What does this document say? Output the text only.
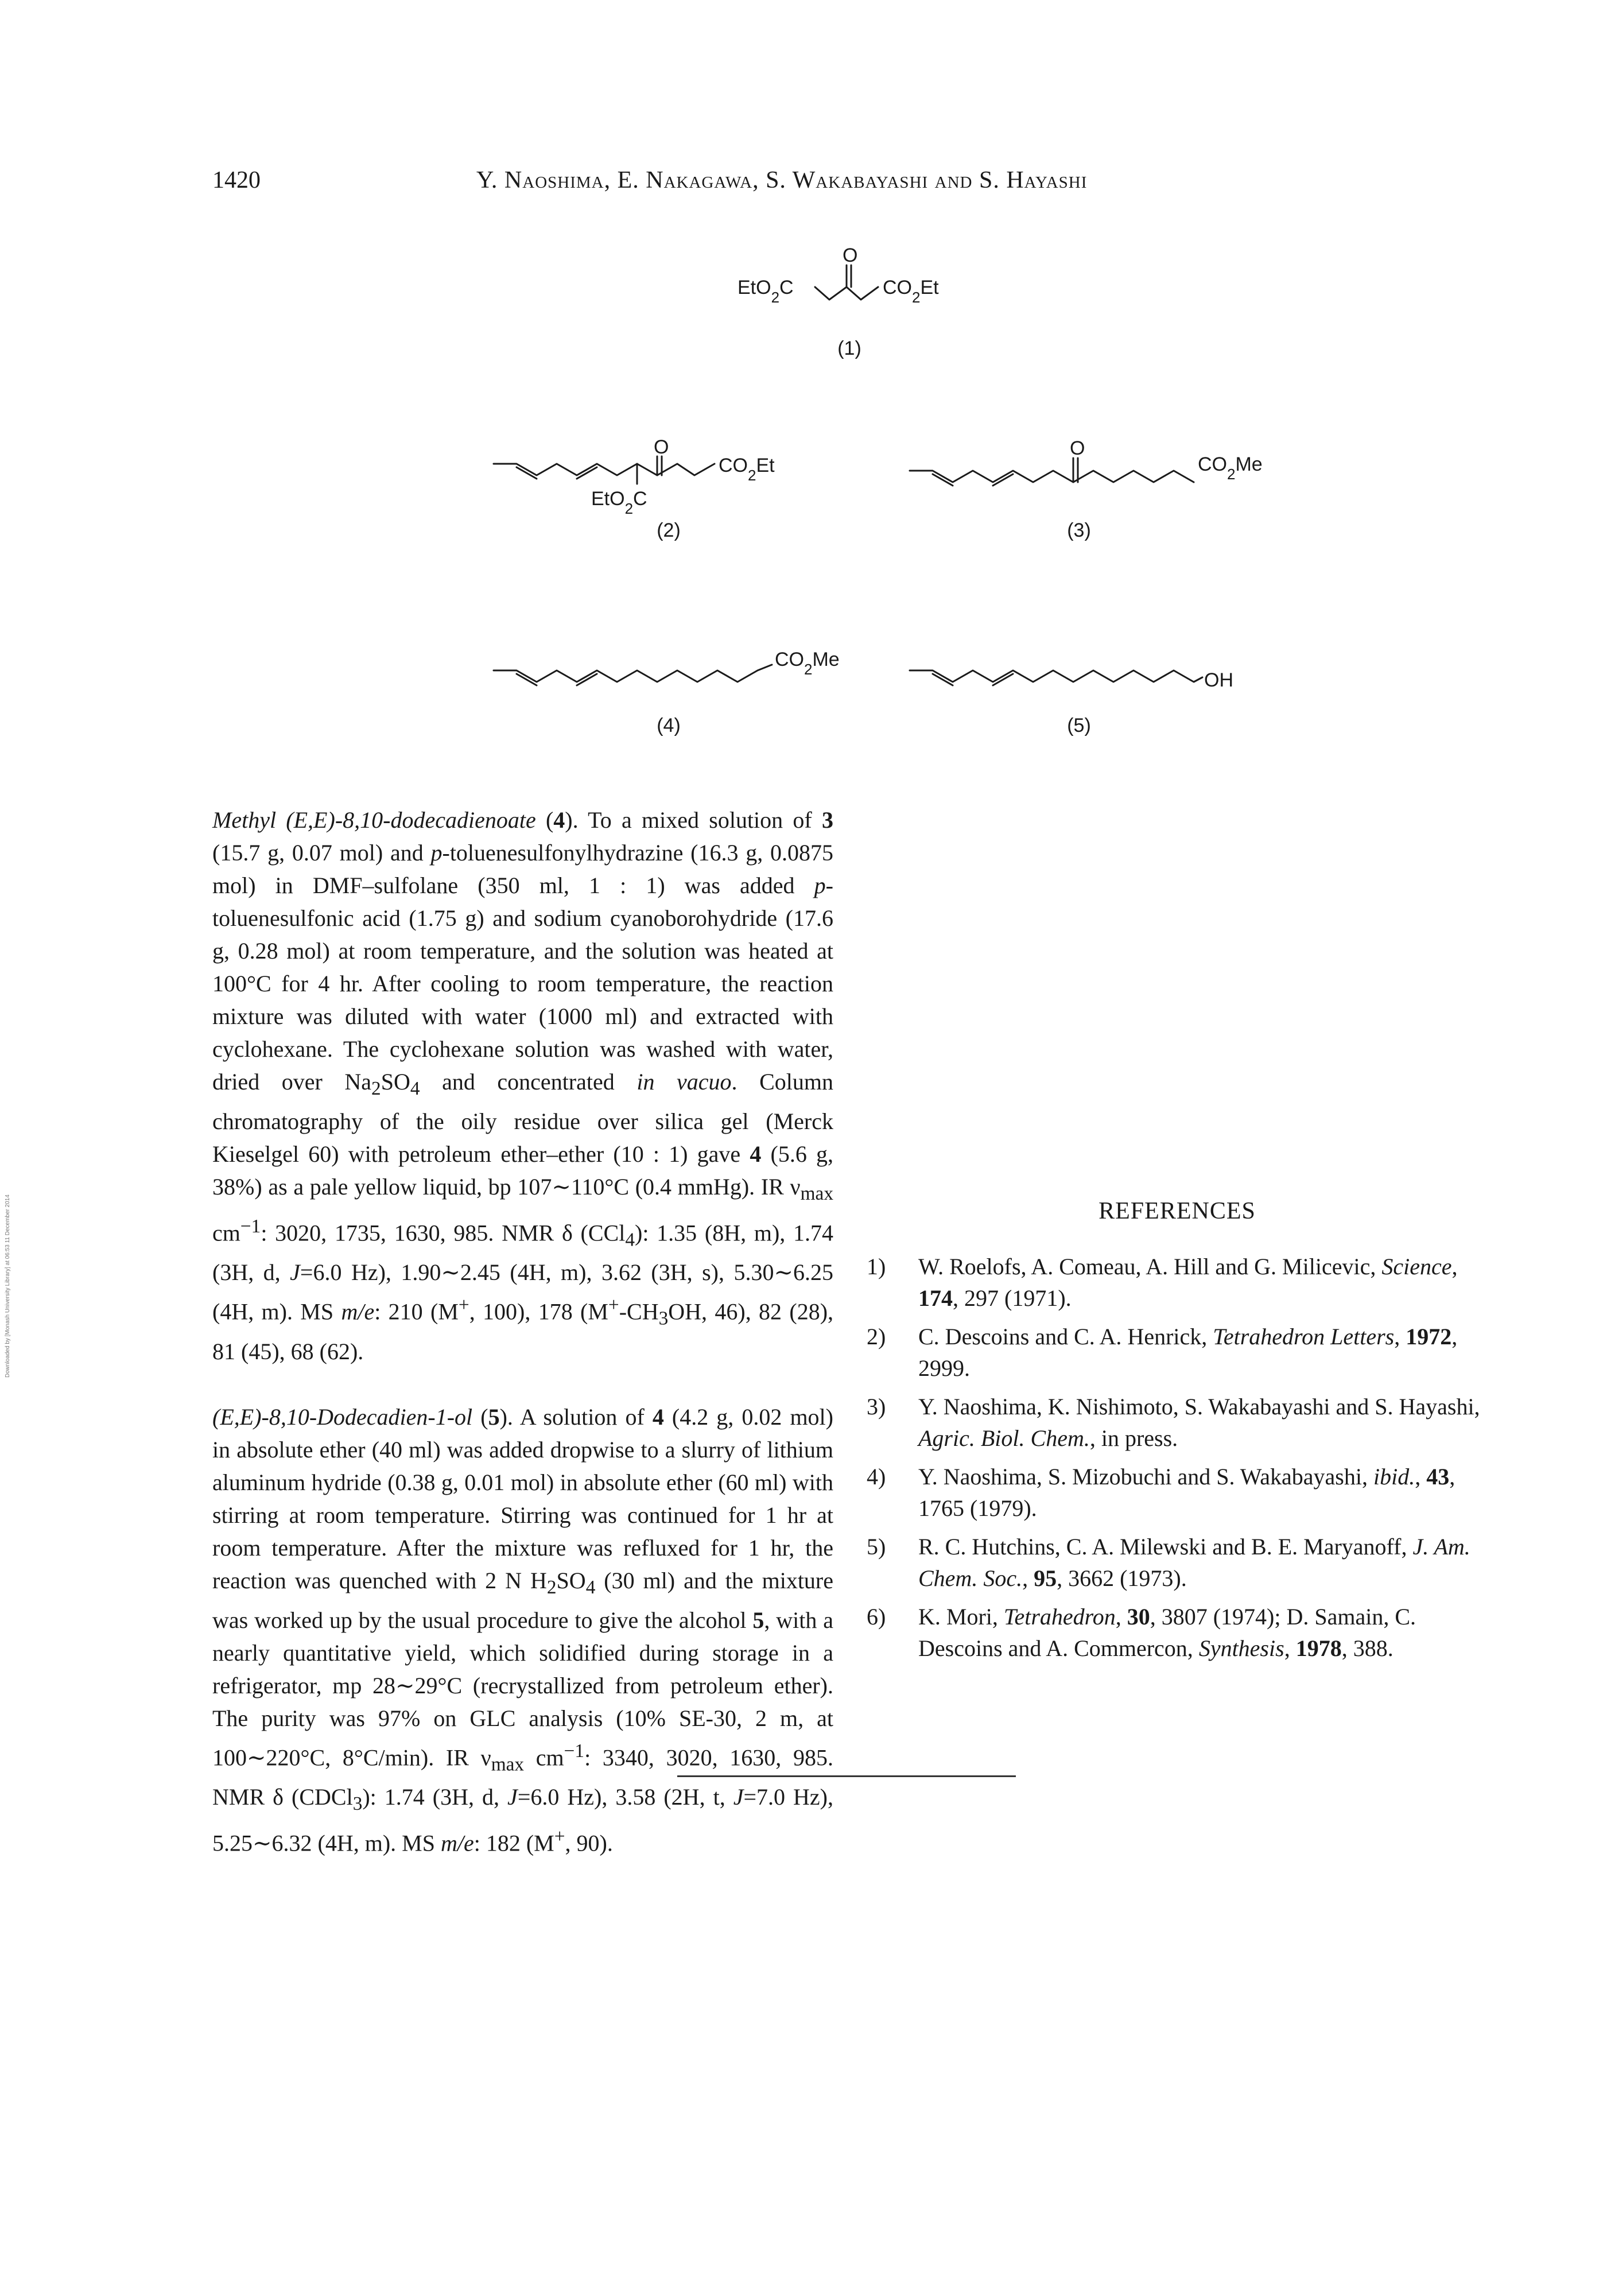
1420	Y. Naoshima, E. Nakagawa, S. Wakabayashi and S. Hayashi
Downloaded by [Monash University Library] at 06:53 11 December 2014
EtO$_2$C
O
$CO_2Et$
(1)
O
$CO_2Et$
EtO$_2$C
(2)
O
$CO_2Me$
(3)
$CO_2Me$
(4)
OH
(5)

Methyl (E,E)-8,10-dodecadienoate (4). To a mixed solution of 3 (15.7 g, 0.07 mol) and p-toluenesulfonylhydrazine (16.3 g, 0.0875 mol) in DMF–sulfolane (350 ml, 1 : 1) was added p-toluenesulfonic acid (1.75 g) and sodium cyanoborohydride (17.6 g, 0.28 mol) at room temperature, and the solution was heated at 100°C for 4 hr. After cooling to room temperature, the reaction mixture was diluted with water (1000 ml) and extracted with cyclohexane. The cyclohexane solution was washed with water, dried over $Na_2SO_4$ and concentrated in vacuo. Column chromatography of the oily residue over silica gel (Merck Kieselgel 60) with petroleum ether–ether (10 : 1) gave 4 (5.6 g, 38%) as a pale yellow liquid, bp 107∼110°C (0.4 mmHg). IR $\nu_{max}$ $cm^{-1}$: 3020, 1735, 1630, 985. NMR δ (CCl$_4$): 1.35 (8H, m), 1.74 (3H, d, J=6.0 Hz), 1.90∼2.45 (4H, m), 3.62 (3H, s), 5.30∼6.25 (4H, m). MS m/e: 210 (M+, 100), 178 ($M^+-CH_3OH$, 46), 82 (28), 81 (45), 68 (62).

(E,E)-8,10-Dodecadien-1-ol (5). A solution of 4 (4.2 g, 0.02 mol) in absolute ether (40 ml) was added dropwise to a slurry of lithium aluminum hydride (0.38 g, 0.01 mol) in absolute ether (60 ml) with stirring at room temperature. Stirring was continued for 1 hr at room temperature. After the mixture was refluxed for 1 hr, the reaction was quenched with 2 N $H_2SO_4$ (30 ml) and the mixture was worked up by the usual procedure to give the alcohol 5, with a nearly quantitative yield, which solidified during storage in a refrigerator, mp 28∼29°C (recrystallized from petroleum ether). The purity was 97% on GLC analysis (10% SE-30, 2 m, at 100∼220°C, 8°C/min). IR $\nu_{max}$ $cm^{-1}$: 3340, 3020, 1630, 985. NMR δ (CDCl$_3$): 1.74 (3H, d, J=6.0 Hz), 3.58 (2H, t, J=7.0 Hz), 5.25∼6.32 (4H, m). MS m/e: 182 (M+, 90).

REFERENCES
1) W. Roelofs, A. Comeau, A. Hill and G. Milicevic, Science, 174, 297 (1971).
2) C. Descoins and C. A. Henrick, Tetrahedron Letters, 1972, 2999.
3) Y. Naoshima, K. Nishimoto, S. Wakabayashi and S. Hayashi, Agric. Biol. Chem., in press.
4) Y. Naoshima, S. Mizobuchi and S. Wakabayashi, ibid., 43, 1765 (1979).
5) R. C. Hutchins, C. A. Milewski and B. E. Maryanoff, J. Am. Chem. Soc., 95, 3662 (1973).
6) K. Mori, Tetrahedron, 30, 3807 (1974); D. Samain, C. Descoins and A. Commercon, Synthesis, 1978, 388.
